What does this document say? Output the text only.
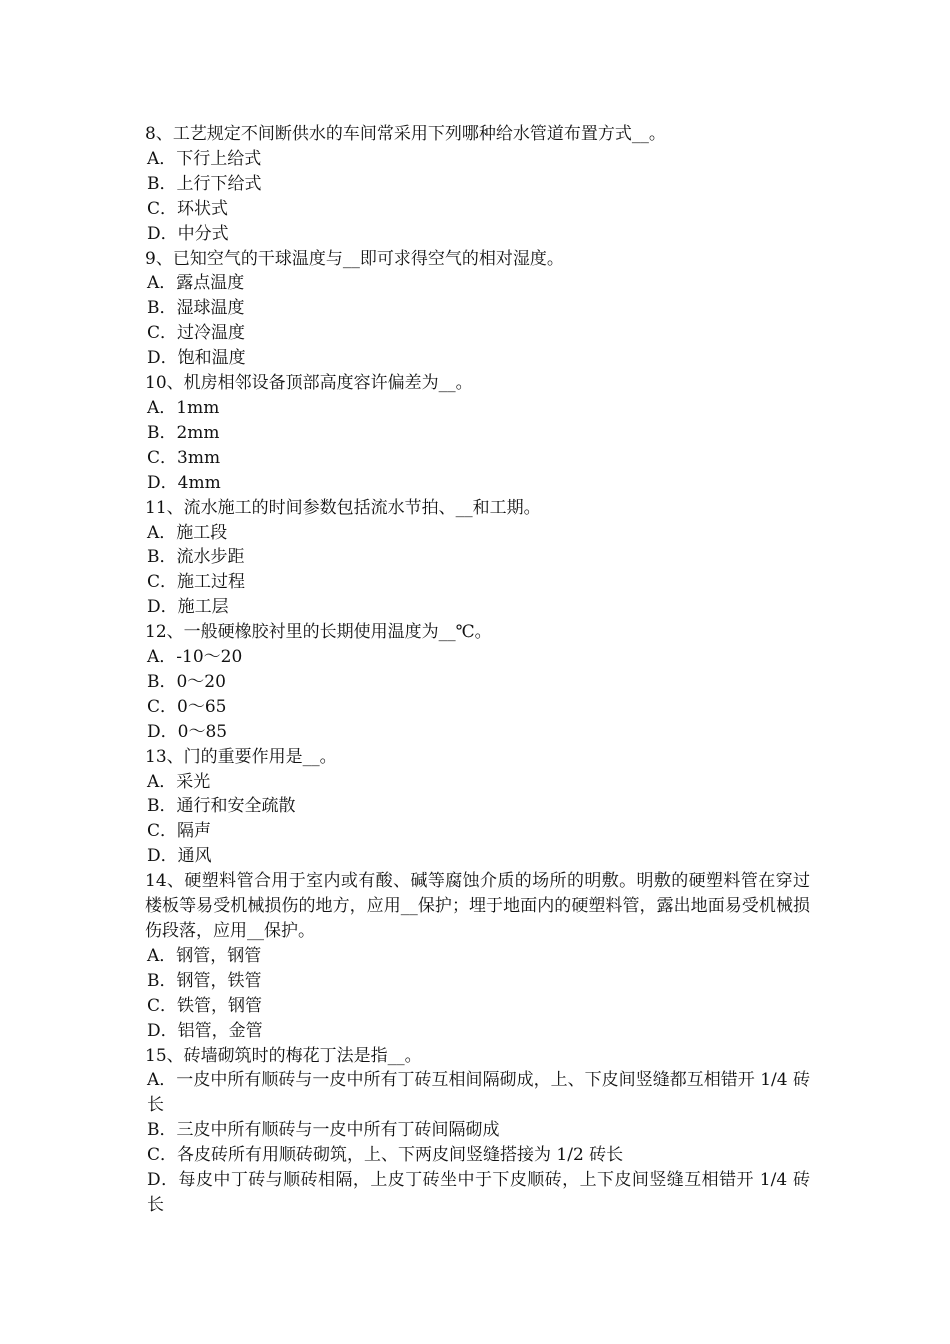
8、工艺规定不间断供水的车间常采用下列哪种给水管道布置方式__。
A．下行上给式
B．上行下给式
C．环状式
D．中分式
9、已知空气的干球温度与__即可求得空气的相对湿度。
A．露点温度
B．湿球温度
C．过冷温度
D．饱和温度
10、机房相邻设备顶部高度容许偏差为__。
A．1mm
B．2mm
C．3mm
D．4mm
11、流水施工的时间参数包括流水节拍、__和工期。
A．施工段
B．流水步距
C．施工过程
D．施工层
12、一般硬橡胶衬里的长期使用温度为__℃。
A．-10～20
B．0～20
C．0～65
D．0～85
13、门的重要作用是__。
A．采光
B．通行和安全疏散
C．隔声
D．通风
14、硬塑料管合用于室内或有酸、碱等腐蚀介质的场所的明敷。明敷的硬塑料管在穿过楼板等易受机械损伤的地方，应用__保护；埋于地面内的硬塑料管，露出地面易受机械损伤段落，应用__保护。
A．钢管，钢管
B．钢管，铁管
C．铁管，钢管
D．铝管，金管
15、砖墙砌筑时的梅花丁法是指__。
A．一皮中所有顺砖与一皮中所有丁砖互相间隔砌成，上、下皮间竖缝都互相错开 1/4 砖长
B．三皮中所有顺砖与一皮中所有丁砖间隔砌成
C．各皮砖所有用顺砖砌筑，上、下两皮间竖缝搭接为 1/2 砖长
D．每皮中丁砖与顺砖相隔，上皮丁砖坐中于下皮顺砖，上下皮间竖缝互相错开 1/4 砖长
